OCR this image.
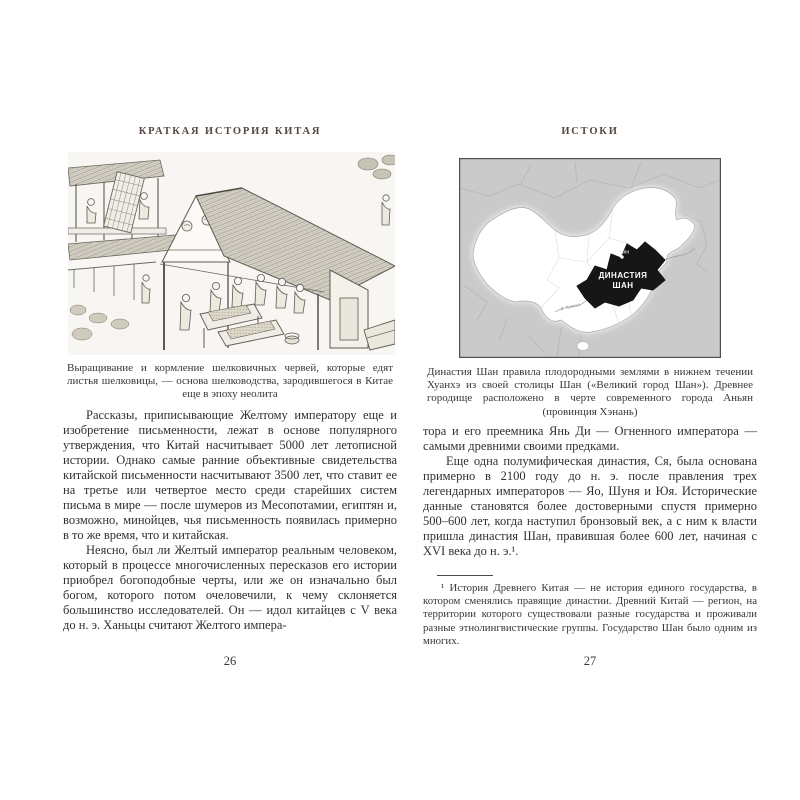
КРАТКАЯ ИСТОРИЯ КИТАЯ
Выращивание и кормление шелковичных червей, которые едят листья шелковицы, — основа шелководства, зародившегося в Китае еще в эпоху неолита

Рассказы, приписывающие Желтому императору еще и изобретение письменности, лежат в основе популярного утверждения, что Китай насчитывает 5000 лет летописной истории. Однако самые ранние объективные свидетельства китайской письменности насчитывают 3500 лет, что ставит ее на третье или четвертое место среди старейших систем письма в мире — после шумеров из Месопотамии, египтян и, возможно, минойцев, чья письменность появилась примерно в то же время, что и китайская.

Неясно, был ли Желтый император реальным человеком, который в процессе многочисленных пересказов его истории приобрел богоподобные черты, или же он изначально был богом, которого потом очеловечили, к чему склоняется большинство исследователей. Он — идол китайцев с V века до н. э. Ханьцы считают Желтого импера-

26
ИСТОКИ
Аньян
ДИНАСТИЯ
ШАН
р. Хуанхэ
Династия Шан правила плодородными землями в нижнем течении Хуанхэ из своей столицы Шан («Великий город Шан»). Древнее городище расположено в черте современного города Аньян (провинция Хэнань)

тора и его преемника Янь Ди — Огненного императора — самыми древними своими предками.

Еще одна полумифическая династия, Ся, была основана примерно в 2100 году до н. э. после правления трех легендарных императоров — Яо, Шуня и Юя. Исторические данные становятся более достоверными спустя примерно 500–600 лет, когда наступил бронзовый век, а с ним к власти пришла династия Шан, правившая более 600 лет, начиная с XVI века до н. э.¹.

¹ История Древнего Китая — не история единого государства, в котором сменялись правящие династии. Древний Китай — регион, на территории которого существовали разные государства и проживали разные этнолингвистические группы. Государство Шан было одним из многих.

27
